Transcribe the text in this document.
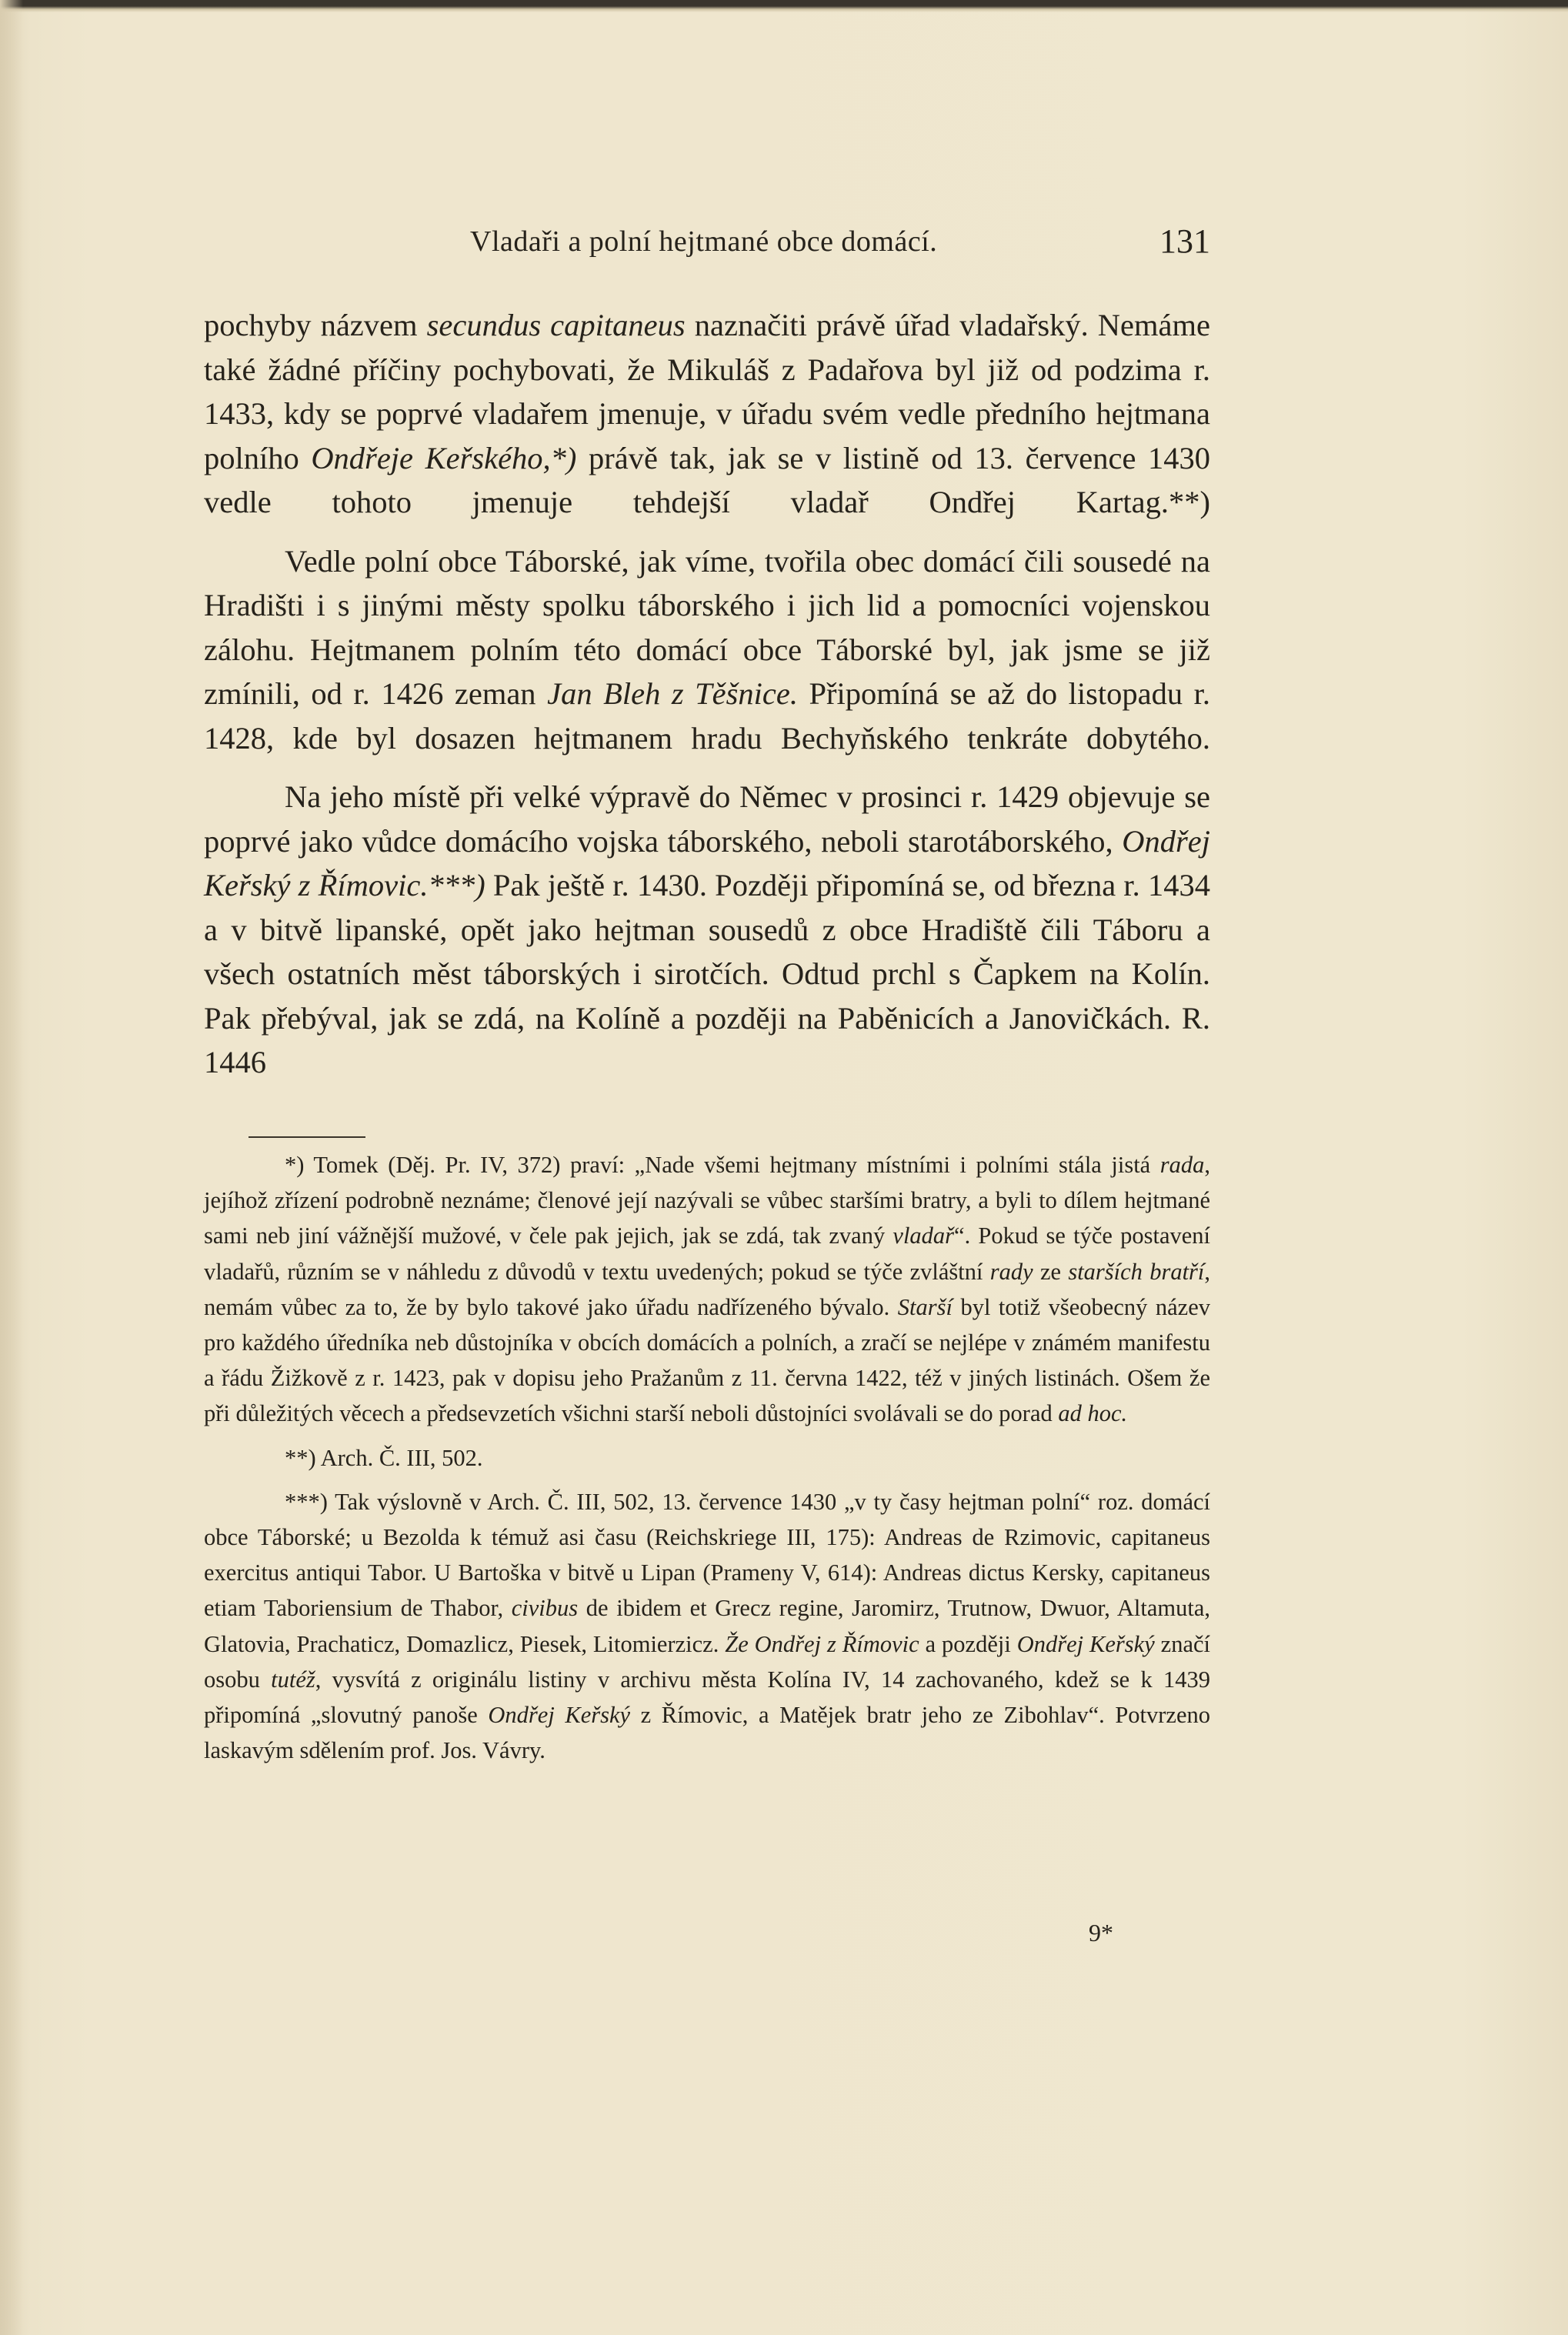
Vladaři a polní hejtmané obce domácí.	131

pochyby názvem secundus capitaneus naznačiti právě úřad vladařský. Nemáme také žádné příčiny pochybovati, že Mikuláš z Padařova byl již od podzima r. 1433, kdy se poprvé vladařem jmenuje, v úřadu svém vedle předního hejtmana polního Ondřeje Keřského,*) právě tak, jak se v listině od 13. července 1430 vedle tohoto jmenuje tehdejší vladař Ondřej Kartag.**)

Vedle polní obce Táborské, jak víme, tvořila obec domácí čili sousedé na Hradišti i s jinými městy spolku táborského i jich lid a pomocníci vojenskou zálohu. Hejtmanem polním této domácí obce Táborské byl, jak jsme se již zmínili, od r. 1426 zeman Jan Bleh z Těšnice. Připomíná se až do listopadu r. 1428, kde byl dosazen hejtmanem hradu Bechyňského tenkráte dobytého.

Na jeho místě při velké výpravě do Němec v prosinci r. 1429 objevuje se poprvé jako vůdce domácího vojska táborského, neboli starotáborského, Ondřej Keřský z Římovic.***) Pak ještě r. 1430. Později připomíná se, od března r. 1434 a v bitvě lipanské, opět jako hejtman sousedů z obce Hradiště čili Táboru a všech ostatních měst táborských i sirotčích. Odtud prchl s Čapkem na Kolín. Pak přebýval, jak se zdá, na Kolíně a později na Paběnicích a Janovičkách. R. 1446

*) Tomek (Děj. Pr. IV, 372) praví: „Nade všemi hejtmany místními i polními stála jistá rada, jejíhož zřízení podrobně neznáme; členové její nazývali se vůbec staršími bratry, a byli to dílem hejtmané sami neb jiní vážnější mužové, v čele pak jejich, jak se zdá, tak zvaný vladař“. Pokud se týče postavení vladařů, různím se v náhledu z důvodů v textu uvedených; pokud se týče zvláštní rady ze starších bratří, nemám vůbec za to, že by bylo takové jako úřadu nadřízeného bývalo. Starší byl totiž všeobecný název pro každého úředníka neb důstojníka v obcích domácích a polních, a zračí se nejlépe v známém manifestu a řádu Žižkově z r. 1423, pak v dopisu jeho Pražanům z 11. června 1422, též v jiných listinách. Ošem že při důležitých věcech a předsevzetích všichni starší neboli důstojníci svolávali se do porad ad hoc.

**) Arch. Č. III, 502.

***) Tak výslovně v Arch. Č. III, 502, 13. července 1430 „v ty časy hejtman polní“ roz. domácí obce Táborské; u Bezolda k témuž asi času (Reichskriege III, 175): Andreas de Rzimovic, capitaneus exercitus antiqui Tabor. U Bartoška v bitvě u Lipan (Prameny V, 614): Andreas dictus Kersky, capitaneus etiam Taboriensium de Thabor, civibus de ibidem et Grecz regine, Jaromirz, Trutnow, Dwuor, Altamuta, Glatovia, Prachaticz, Domazlicz, Piesek, Litomierzicz. Že Ondřej z Římovic a později Ondřej Keřský značí osobu tutéž, vysvítá z originálu listiny v archivu města Kolína IV, 14 zachovaného, kdež se k 1439 připomíná „slovutný panoše Ondřej Keřský z Římovic, a Matějek bratr jeho ze Zibohlav“. Potvrzeno laskavým sdělením prof. Jos. Vávry.

9*
